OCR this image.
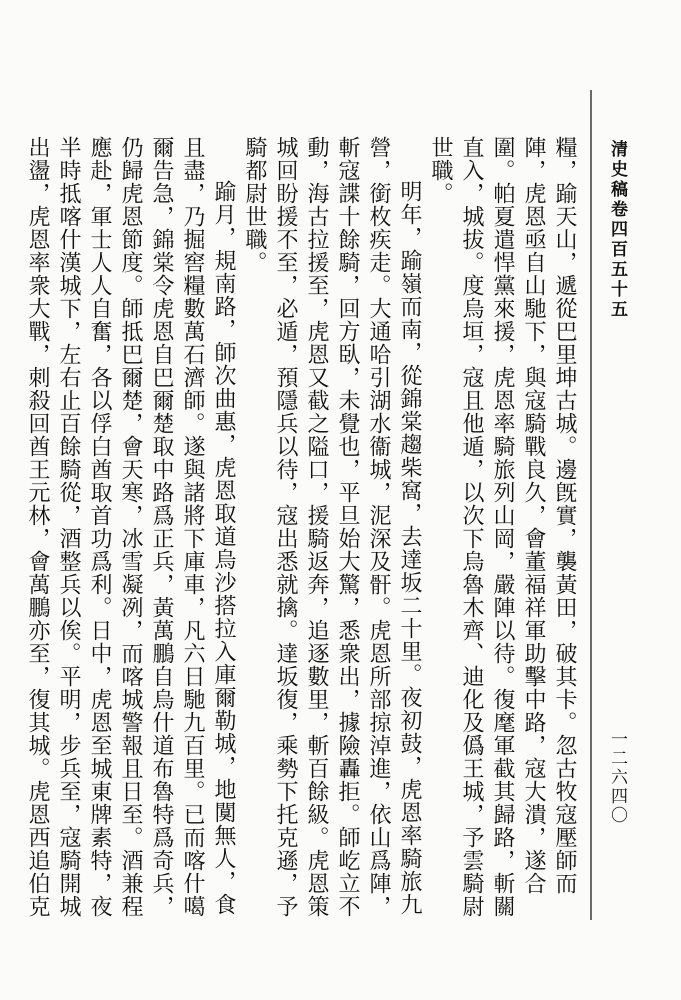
清史稿卷四百五十五
一二六四〇

糧，踰天山，遞從巴里坤古城。邊旣實，襲黃田，破其卡。忽古牧寇壓師而陣，虎恩亟自山馳下，與寇騎戰良久，會董福祥軍助擊中路，寇大潰，遂合圍。帕夏遣悍黨來援，虎恩率騎旅列山岡，嚴陣以待。復麾軍截其歸路，斬關直入，城拔。度烏垣，寇且他遁，以次下烏魯木齊、迪化及僞王城，予雲騎尉世職。

明年，踰嶺而南，從錦棠趨柴窩，去達坂二十里。夜初鼓，虎恩率騎旅九營，銜枚疾走。大通哈引湖水衞城，泥深及骭。虎恩所部掠淖進，依山爲陣，斬寇諜十餘騎，回方臥，未覺也，平旦始大驚，悉衆出，據險轟拒。師屹立不動，海古拉援至，虎恩又截之隘口，援騎返奔，追逐數里，斬百餘級。虎恩策城回盼援不至，必遁，預隱兵以待，寇出悉就擒。達坂復，乘勢下托克遜，予騎都尉世職。

踰月，規南路，師次曲惠，虎恩取道烏沙搭拉入庫爾勒城，地闃無人，食且盡，乃掘窖糧數萬石濟師。遂與諸將下庫車，凡六日馳九百里。已而喀什噶爾告急，錦棠令虎恩自巴爾楚取中路爲正兵，黃萬鵬自烏什道布魯特爲奇兵，仍歸虎恩節度。師抵巴爾楚，會天寒，冰雪凝冽，而喀城警報且日至。酒兼程應赴，軍士人人自奮，各以俘白酋取首功爲利。日中，虎恩至城東牌素特，夜半時抵喀什漢城下，左右止百餘騎從，酒整兵以俟。平明，步兵至，寇騎開城出盪，虎恩率衆大戰，刺殺回酋王元林，會萬鵬亦至，復其城。虎恩西追伯克
